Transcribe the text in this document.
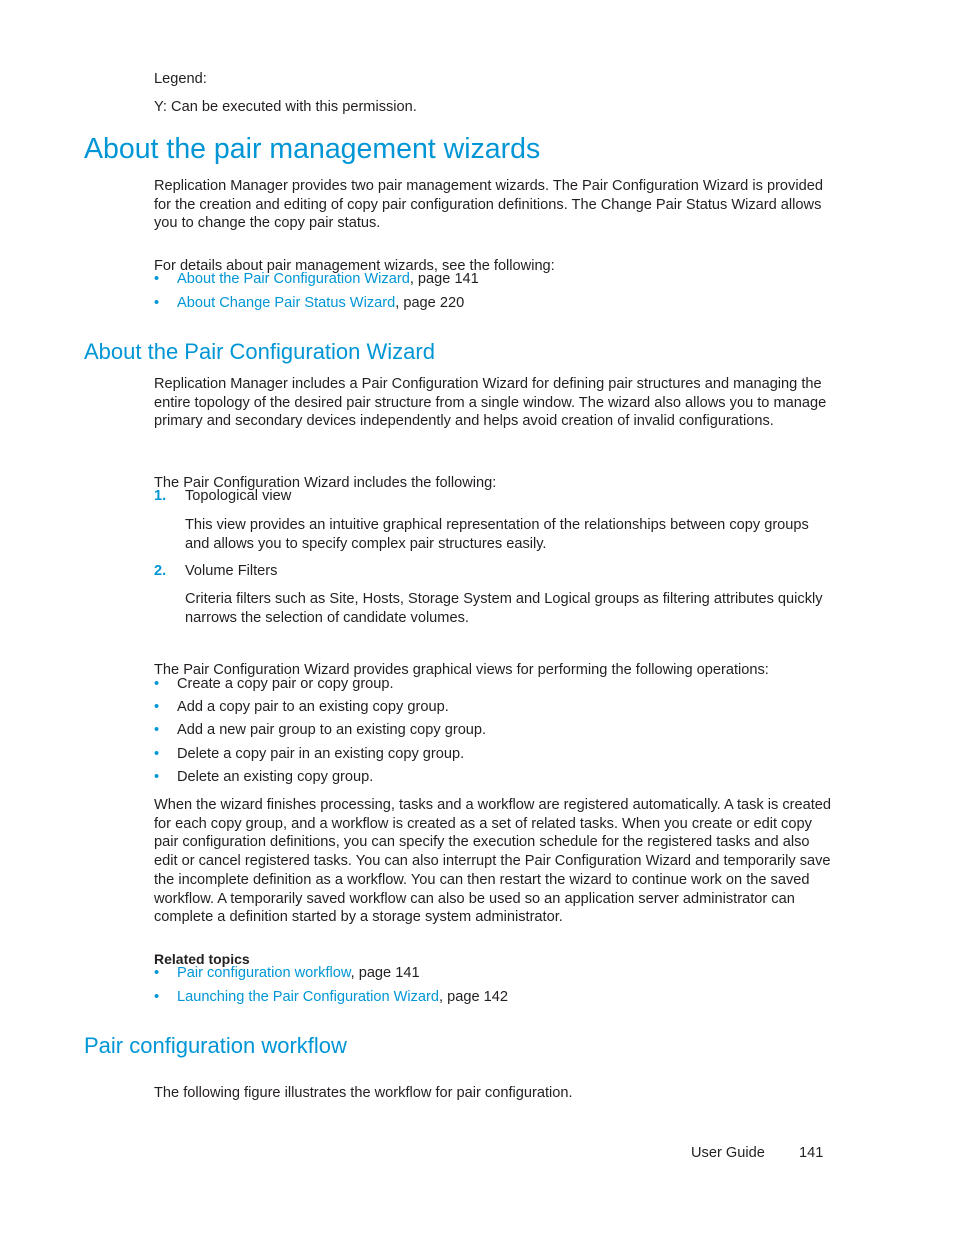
Legend:

Y: Can be executed with this permission.

About the pair management wizards

Replication Manager provides two pair management wizards. The Pair Configuration Wizard is provided for the creation and editing of copy pair configuration definitions. The Change Pair Status Wizard allows you to change the copy pair status.

For details about pair management wizards, see the following:

• About the Pair Configuration Wizard, page 141
• About Change Pair Status Wizard, page 220
About the Pair Configuration Wizard

Replication Manager includes a Pair Configuration Wizard for defining pair structures and managing the entire topology of the desired pair structure from a single window. The wizard also allows you to manage primary and secondary devices independently and helps avoid creation of invalid configurations.

The Pair Configuration Wizard includes the following:

1. Topological view

This view provides an intuitive graphical representation of the relationships between copy groups and allows you to specify complex pair structures easily.

2. Volume Filters

Criteria filters such as Site, Hosts, Storage System and Logical groups as filtering attributes quickly narrows the selection of candidate volumes.

The Pair Configuration Wizard provides graphical views for performing the following operations:

• Create a copy pair or copy group.
• Add a copy pair to an existing copy group.
• Add a new pair group to an existing copy group.
• Delete a copy pair in an existing copy group.
• Delete an existing copy group.

When the wizard finishes processing, tasks and a workflow are registered automatically. A task is created for each copy group, and a workflow is created as a set of related tasks. When you create or edit copy pair configuration definitions, you can specify the execution schedule for the registered tasks and also edit or cancel registered tasks. You can also interrupt the Pair Configuration Wizard and temporarily save the incomplete definition as a workflow. You can then restart the wizard to continue work on the saved workflow. A temporarily saved workflow can also be used so an application server administrator can complete a definition started by a storage system administrator.

Related topics

• Pair configuration workflow, page 141
• Launching the Pair Configuration Wizard, page 142
Pair configuration workflow

The following figure illustrates the workflow for pair configuration.

User Guide 141
